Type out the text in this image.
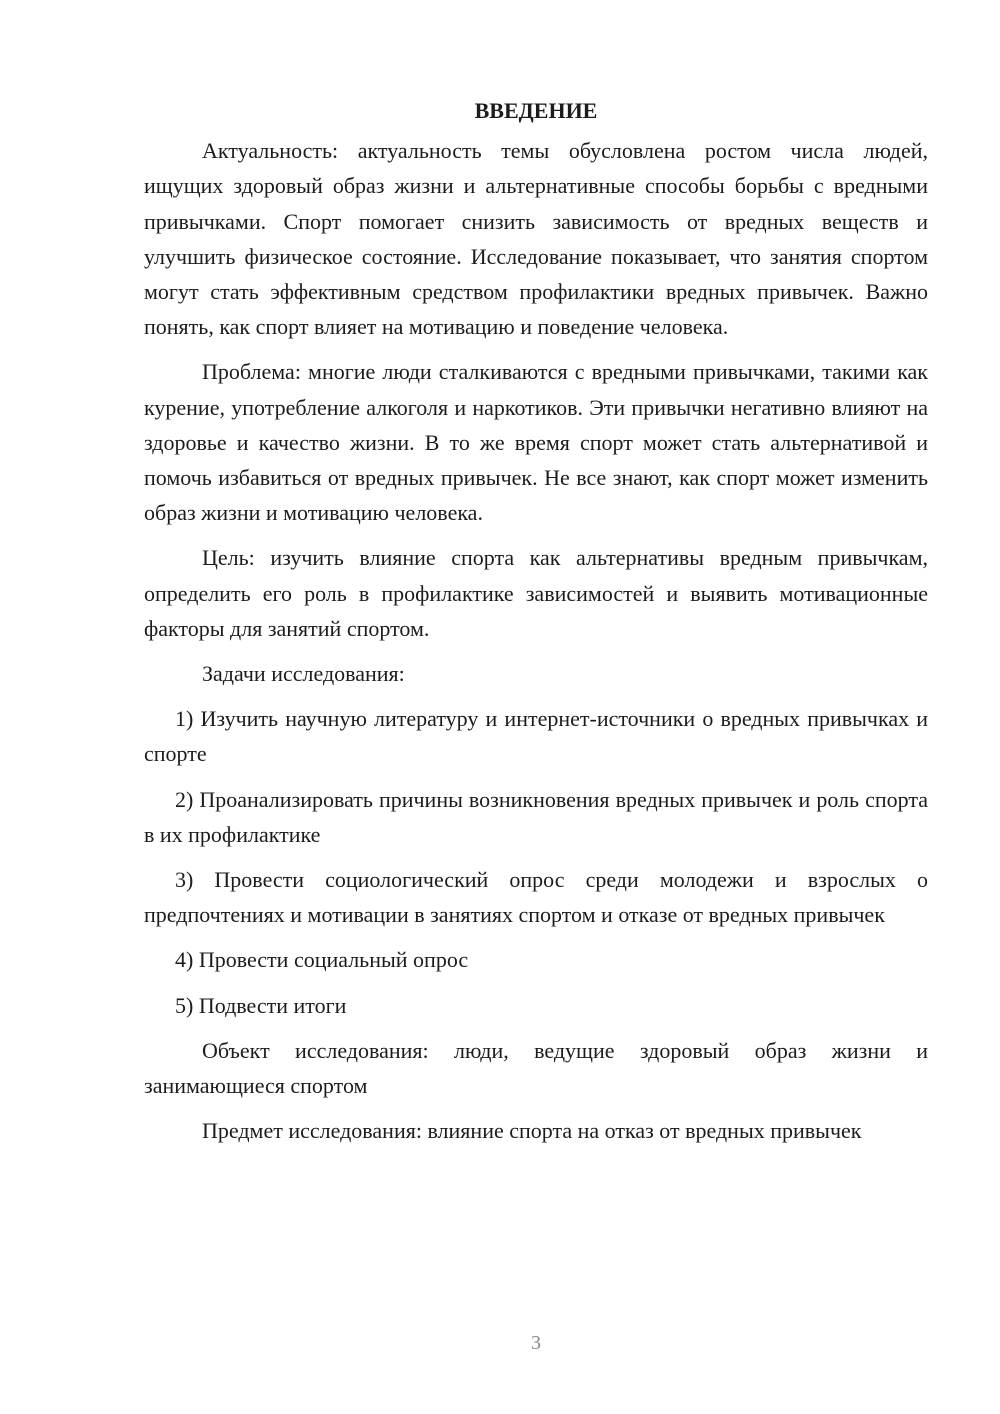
ВВЕДЕНИЕ

Актуальность: актуальность темы обусловлена ростом числа людей, ищущих здоровый образ жизни и альтернативные способы борьбы с вредными привычками. Спорт помогает снизить зависимость от вредных веществ и улучшить физическое состояние. Исследование показывает, что занятия спортом могут стать эффективным средством профилактики вредных привычек. Важно понять, как спорт влияет на мотивацию и поведение человека.

Проблема: многие люди сталкиваются с вредными привычками, такими как курение, употребление алкоголя и наркотиков. Эти привычки негативно влияют на здоровье и качество жизни. В то же время спорт может стать альтернативой и помочь избавиться от вредных привычек. Не все знают, как спорт может изменить образ жизни и мотивацию человека.

Цель: изучить влияние спорта как альтернативы вредным привычкам, определить его роль в профилактике зависимостей и выявить мотивационные факторы для занятий спортом.

Задачи исследования:

1) Изучить научную литературу и интернет-источники о вредных привычках и спорте

2) Проанализировать причины возникновения вредных привычек и роль спорта в их профилактике

3) Провести социологический опрос среди молодежи и взрослых о предпочтениях и мотивации в занятиях спортом и отказе от вредных привычек

4) Провести социальный опрос

5) Подвести итоги

Объект исследования: люди, ведущие здоровый образ жизни и занимающиеся спортом

Предмет исследования: влияние спорта на отказ от вредных привычек

3
